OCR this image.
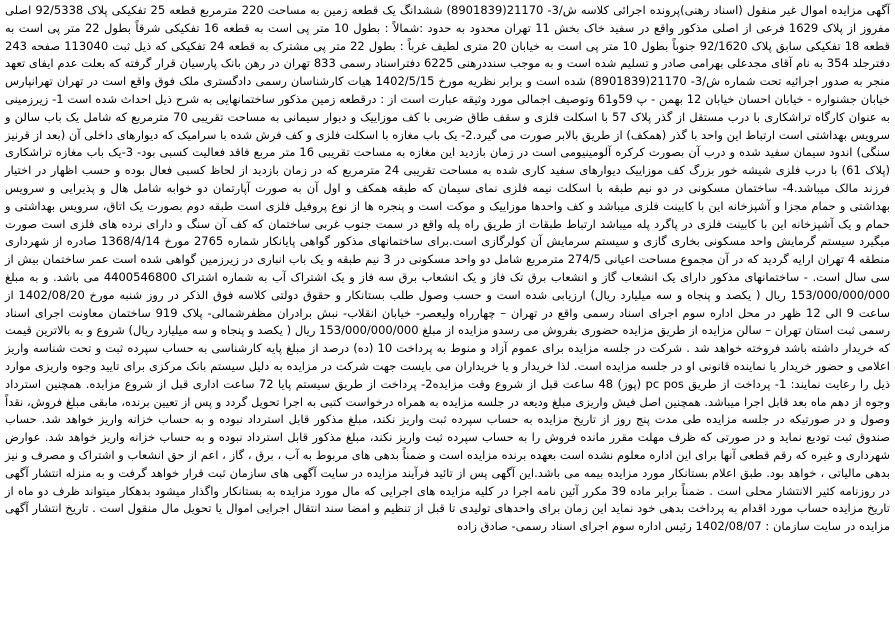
آگهی مزایده اموال غیر منقول (اسناد رهنی)پرونده اجرائی کلاسه ش/3- 21170(8901839) ششدانگ یک قطعه زمین به مساحت 220 مترمربع قطعه 25 تفکیکی پلاک 92/5338 اصلی مفروز از پلاک 1629 فرعی از اصلی مذکور واقع در سفید خاک بخش 11 تهران محدود به حدود :شمالاً : بطول 10 متر پی است به قطعه 16 تفکیکی شرقاً بطول 22 متر پی است به قطعه 18 تفکیکی سابق پلاک 92/1620 جنوباً بطول 10 متر پی است به خیابان 20 متری لطیف غرباً : بطول 22 متر پی مشترک به قطعه 24 تفکیکی که ذیل ثبت 113040 صفحه 243 دفترجلد 354 به نام آقای مجدعلی بهرامی صادر و تسلیم شده است و به موجب سنددرهنی 6225 دفتراسناد رسمی 833 تهران در رهن بانک پارسیان قرار گرفته که بعلت عدم ایفای تعهد منجر به صدور اجرائیه تحت شماره ش/3- 21170(8901839) شده است و برابر نظریه مورخ 1402/5/15 هیات کارشناسان رسمی دادگستری ملک فوق واقع است در تهران تهرانپارس خیابان جشنواره - خیابان احسان خیابان 12 بهمن - پ 59و61 وتوصیف اجمالی مورد وثیقه عبارت است از : درقطعه زمین مذکور ساختمانهایی به شرح ذیل احداث شده است 1- زیرزمینی به عنوان کارگاه تراشکاری با درب مستقل از گذر پلاک 57 با اسکلت فلزی و سقف طاق ضربی با کف موزاییک و دیوار سیمانی به مساحت تقریبی 70 مترمربع که شامل یک باب سالن و سرویس بهداشتی است ارتباط این واحد با گذر (همکف) از طریق بالابر صورت می گیرد.2- یک باب مغازه با اسکلت فلزی و کف فرش شده با سرامیک که دیوارهای داخلی آن (بعد از قرنیز سنگی) اندود سیمان سفید شده و درب آن بصورت کرکره آلومینیومی است در زمان بازدید این مغازه به مساحت تقریبی 16 متر مربع فاقد فعالیت کسبی بود- 3-یک باب مغازه تراشکاری (پلاک 61) با درب فلزی شیشه خور بزرگ کف موزاییک دیوارهای سفید کاری شده به مساحت تقریبی 24 مترمربع که در زمان بازدید از لحاظ کسبی فعال بوده و حسب اظهار در اختیار فرزند مالک میباشد.4- ساختمان مسکونی در دو نیم طبقه با اسکلت نیمه فلزی نمای سیمان که طبقه همکف و اول آن به صورت آپارتمان دو خوابه شامل هال و پذیرایی و سرویس بهداشتی و حمام مجزا و آشپزخانه این با کابینت فلزی میباشد و کف واحدها موزاییک و موکت است و پنجره ها از نوع پروفیل فلزی است طبقه دوم بصورت یک اتاق، سرویس بهداشتی و حمام و یک آشپزخانه این با کابینت فلزی در پاگرد پله میباشد ارتباط طبقات از طریق راه پله واقع در سمت جنوب غربی ساختمان که کف آن سنگ و دارای نرده های فلزی است صورت میگیرد سیستم گرمایش واحد مسکونی بخاری گازی و سیستم سرمایش آن کولرگازی است.برای ساختمانهای مذکور گواهی پایانکار شماره 2765 مورخ 1368/4/14 صادره از شهرداری منطقه 4 تهران ارایه گردید که در آن مجموع مساحت اعیانی 274/5 مترمربع شامل دو واحد مسکونی در 3 نیم طبقه و یک باب انباری در زیرزمین گواهی شده است عمر ساختمان بیش از سی سال است. - ساختمانهای مذکور دارای یک انشعاب گاز و انشعاب برق تک فاز و یک انشعاب برق سه فاز و یک اشتراک آب به شماره اشتراک 4400546800 می باشد. و به مبلغ 153/000/000/000 ریال ( یکصد و پنجاه و سه میلیارد ریال) ارزیابی شده است و حسب وصول طلب بستانکار و حقوق دولتی کلاسه فوق الذکر در روز شنبه مورخ 1402/08/20 از ساعت 9 الی 12 ظهر در محل اداره سوم اجرای اسناد رسمی واقع در تهران – چهارراه ولیعصر- خیابان انقلاب- نبش برادران مظفرشمالی- پلاک 919 ساختمان معاونت اجرای اسناد رسمی ثبت استان تهران – سالن مزایده از طریق مزایده حضوری بفروش می رسدو مزایده از مبلغ 153/000/000/000 ریال ( یکصد و پنجاه و سه میلیارد ریال) شروع و به بالاترین قیمت که خریدار داشته باشد فروخته خواهد شد . شرکت در جلسه مزایده برای عموم آزاد و منوط به پرداخت 10 (ده) درصد از مبلغ پایه کارشناسی به حساب سپرده ثبت و تحت شناسه واریز اعلامی و حضور خریدار یا نماینده قانونی او در جلسه مزایده است. لذا خریدار و یا خریداران می بایست جهت شرکت در مزایده به دلیل سیستم بانک مرکزی برای تایید وجوه واریزی موارد ذیل را رعایت نمایند: 1- پرداخت از طریق pc pos (پوز) 48 ساعت قبل از شروع وقت مزایده2- پرداخت از طریق سیستم پایا 72 ساعت اداری قبل از شروع مزایده. همچنین استرداد وجوه از دهم ماه بعد قابل اجرا میباشد. همچنین اصل فیش واریزی مبلغ ودیعه در جلسه مزایده به همراه درخواست کتبی به اجرا تحویل گردد و پس از تعیین برنده، مابقی مبلغ فروش، نقداً وصول و در صورتیکه در جلسه مزایده طی مدت پنج روز از تاریخ مزایده به حساب سپرده ثبت واریز نکند، مبلغ مذکور قابل استرداد نبوده و به حساب خزانه واریز خواهد شد. حساب صندوق ثبت تودیع نماید و در صورتی که ظرف مهلت مقرر مانده فروش را به حساب سپرده ثبت واریز نکند، مبلغ مذکور قابل استرداد نبوده و به حساب خزانه واریز خواهد شد. عوارض شهرداری و غیره که رقم قطعی آنها برای این اداره معلوم نشده است بعهده برنده مزایده است و ضمناً بدهی های مربوط به آب ، برق ، گاز ، اعم از حق انشعاب و اشتراک و مصرف و نیز بدهی مالیاتی ، خواهد بود. طبق اعلام بستانکار مورد مزایده بیمه می باشد.این آگهی پس از تائید فرآیند مزایده در سایت آگهی های سازمان ثبت قرار خواهد گرفت و به منزله انتشار آگهی در روزنامه کثیر الانتشار محلی است . ضمناً برابر ماده 39 مکرر آئین نامه اجرا در کلیه مزایده های اجرایی که مال مورد مزایده به بستانکار واگذار میشود بدهکار میتواند ظرف دو ماه از تاریخ مزایده حساب مورد اقدام به پرداخت بدهی خود نماید این زمان برای واحدهای تولیدی تا قبل از تنظیم و امضا سند انتقال اجرایی اموال یا تحویل مال منقول است . تاریخ انتشار آگهی مزایده در سایت سازمان : 1402/08/07 رئیس اداره سوم اجرای اسناد رسمی- صادق زاده
